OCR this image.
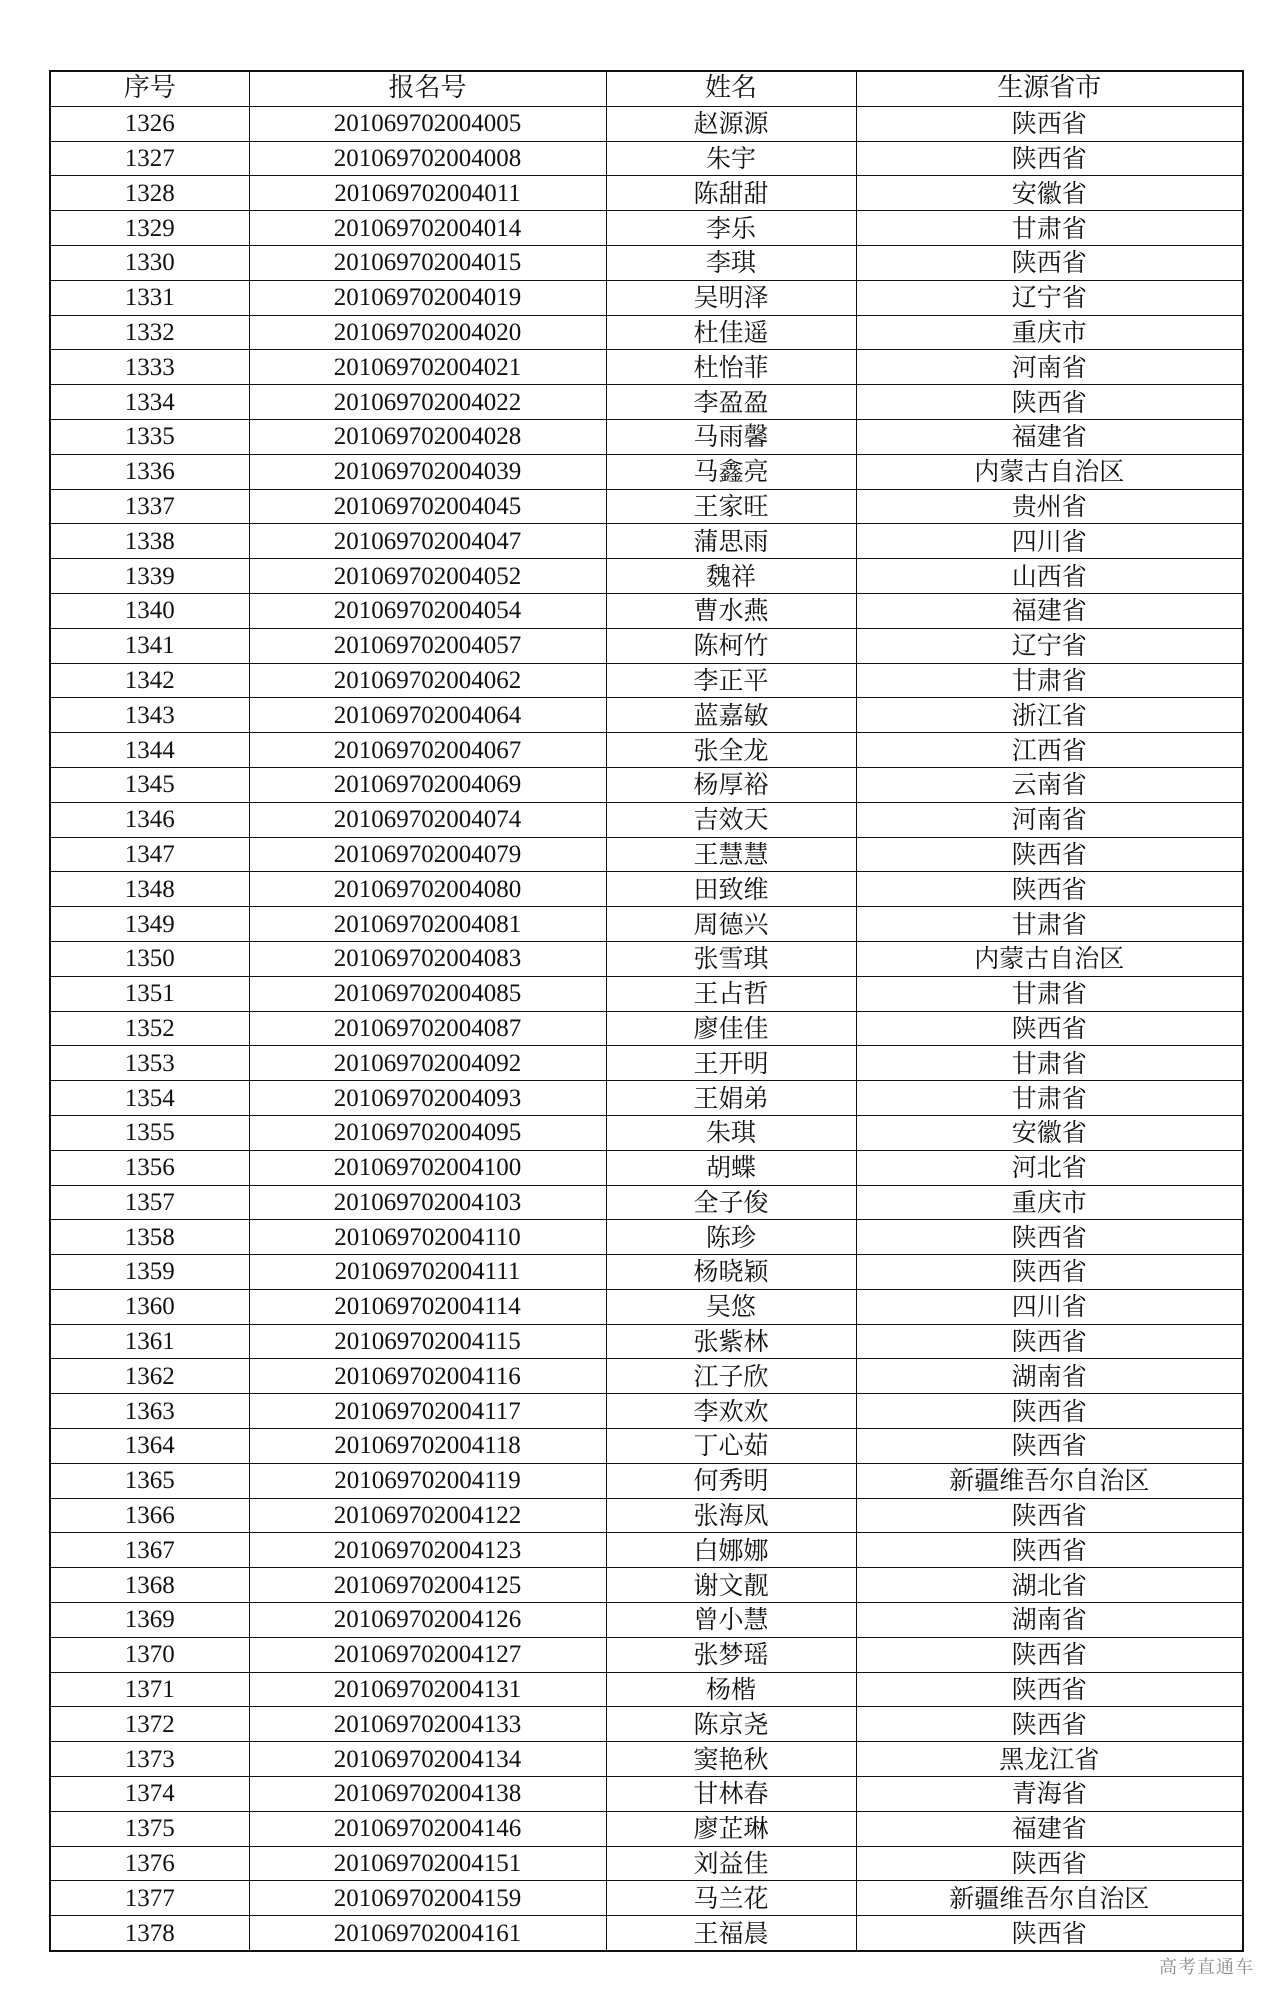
序号	报名号	姓名	生源省市
1326	201069702004005	赵源源	陕西省
1327	201069702004008	朱宇	陕西省
1328	201069702004011	陈甜甜	安徽省
1329	201069702004014	李乐	甘肃省
1330	201069702004015	李琪	陕西省
1331	201069702004019	吴明泽	辽宁省
1332	201069702004020	杜佳遥	重庆市
1333	201069702004021	杜怡菲	河南省
1334	201069702004022	李盈盈	陕西省
1335	201069702004028	马雨馨	福建省
1336	201069702004039	马鑫亮	内蒙古自治区
1337	201069702004045	王家旺	贵州省
1338	201069702004047	蒲思雨	四川省
1339	201069702004052	魏祥	山西省
1340	201069702004054	曹水燕	福建省
1341	201069702004057	陈柯竹	辽宁省
1342	201069702004062	李正平	甘肃省
1343	201069702004064	蓝嘉敏	浙江省
1344	201069702004067	张全龙	江西省
1345	201069702004069	杨厚裕	云南省
1346	201069702004074	吉效天	河南省
1347	201069702004079	王慧慧	陕西省
1348	201069702004080	田致维	陕西省
1349	201069702004081	周德兴	甘肃省
1350	201069702004083	张雪琪	内蒙古自治区
1351	201069702004085	王占哲	甘肃省
1352	201069702004087	廖佳佳	陕西省
1353	201069702004092	王开明	甘肃省
1354	201069702004093	王娟弟	甘肃省
1355	201069702004095	朱琪	安徽省
1356	201069702004100	胡蝶	河北省
1357	201069702004103	全子俊	重庆市
1358	201069702004110	陈珍	陕西省
1359	201069702004111	杨晓颖	陕西省
1360	201069702004114	吴悠	四川省
1361	201069702004115	张紫林	陕西省
1362	201069702004116	江子欣	湖南省
1363	201069702004117	李欢欢	陕西省
1364	201069702004118	丁心茹	陕西省
1365	201069702004119	何秀明	新疆维吾尔自治区
1366	201069702004122	张海凤	陕西省
1367	201069702004123	白娜娜	陕西省
1368	201069702004125	谢文靓	湖北省
1369	201069702004126	曾小慧	湖南省
1370	201069702004127	张梦瑶	陕西省
1371	201069702004131	杨楷	陕西省
1372	201069702004133	陈京尧	陕西省
1373	201069702004134	窦艳秋	黑龙江省
1374	201069702004138	甘林春	青海省
1375	201069702004146	廖芷琳	福建省
1376	201069702004151	刘益佳	陕西省
1377	201069702004159	马兰花	新疆维吾尔自治区
1378	201069702004161	王福晨	陕西省
高考直通车
